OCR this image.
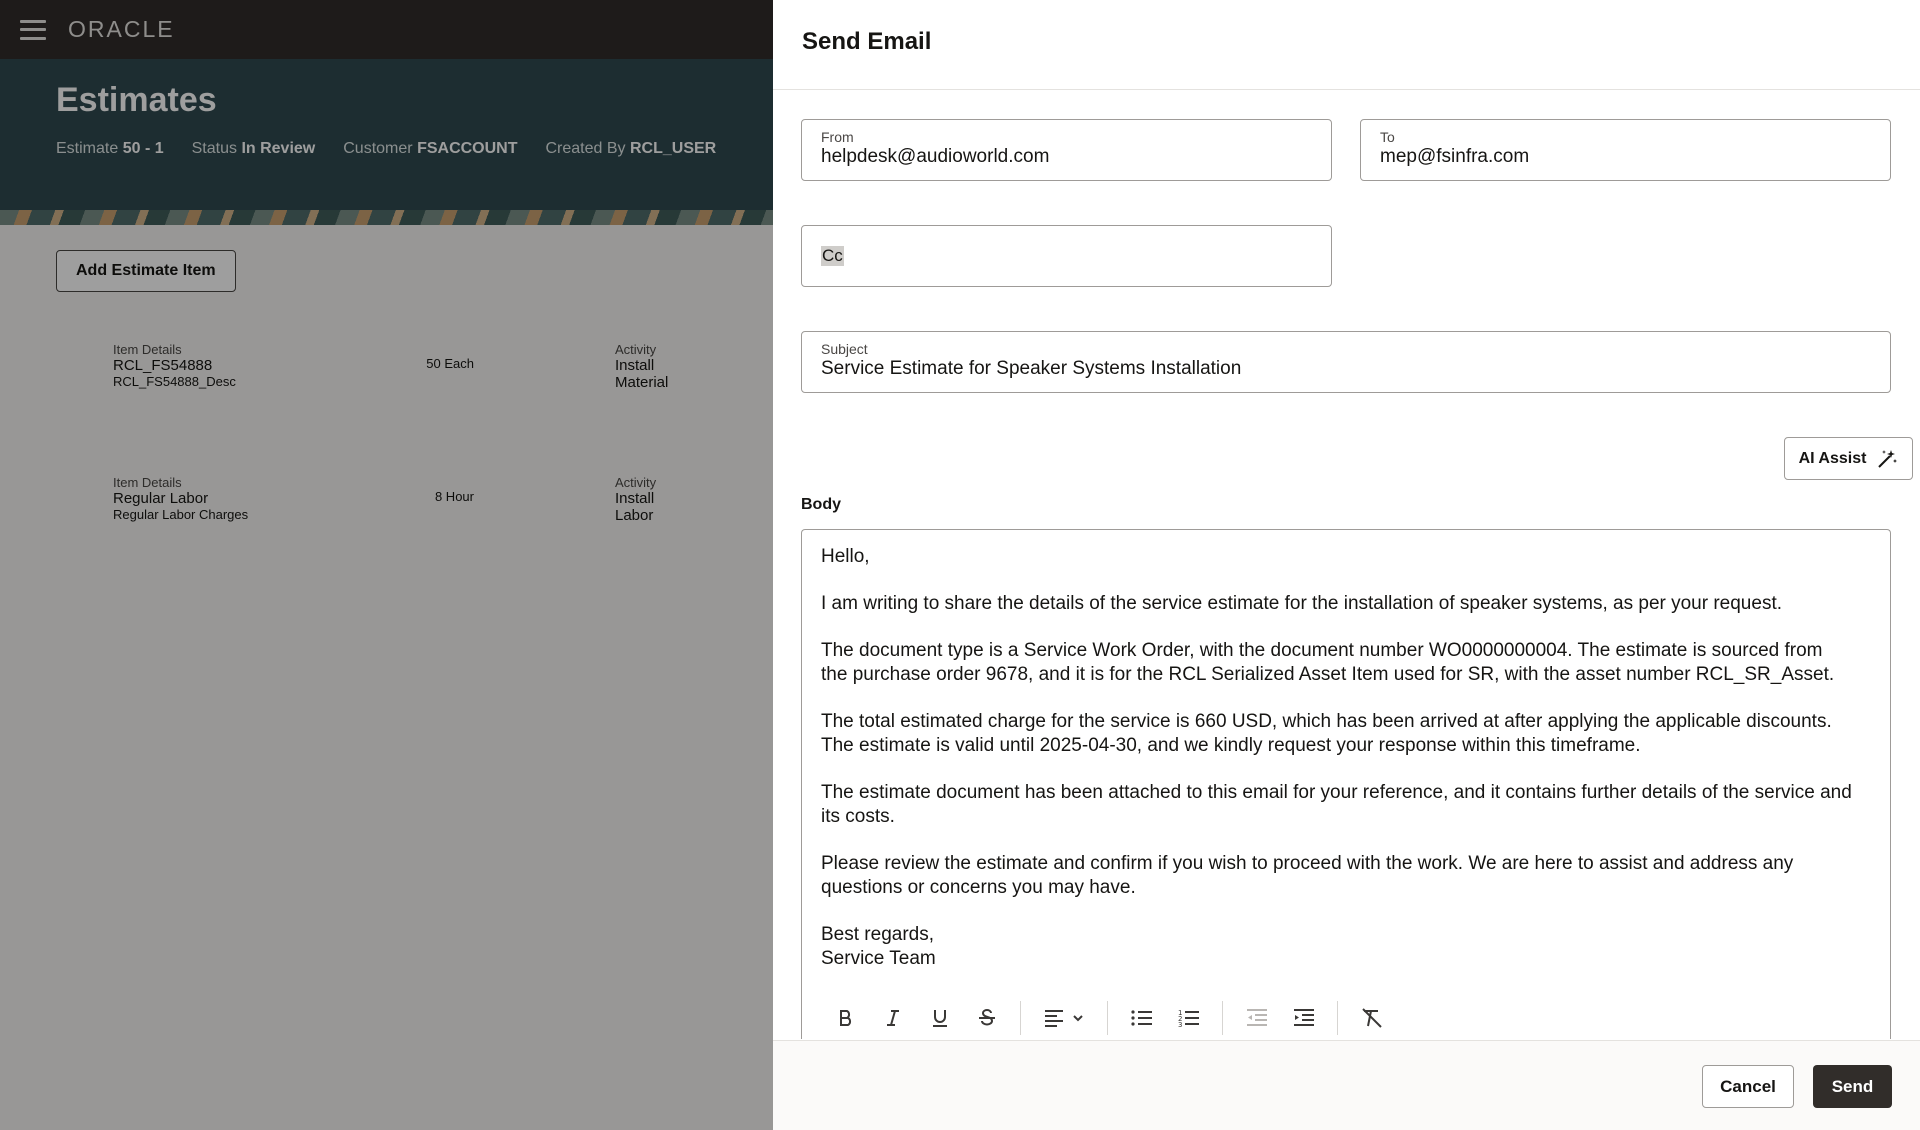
ORACLE
Estimates
Estimate 50 - 1 Status In Review Customer FSACCOUNT Created By RCL_USER
Add Estimate Item
Item Details
RCL_FS54888
RCL_FS54888_Desc
50 Each
Activity
Install
Material
Item Details
Regular Labor
Regular Labor Charges
8 Hour
Activity
Install
Labor
Send Email
From
helpdesk@audioworld.com
To
mep@fsinfra.com
Cc
Subject
Service Estimate for Speaker Systems Installation
AI Assist
Body

Hello,

I am writing to share the details of the service estimate for the installation of speaker systems, as per your request.

The document type is a Service Work Order, with the document number WO0000000004. The estimate is sourced from
the purchase order 9678, and it is for the RCL Serialized Asset Item used for SR, with the asset number RCL_SR_Asset.

The total estimated charge for the service is 660 USD, which has been arrived at after applying the applicable discounts.
The estimate is valid until 2025-04-30, and we kindly request your response within this timeframe.

The estimate document has been attached to this email for your reference, and it contains further details of the service and
its costs.

Please review the estimate and confirm if you wish to proceed with the work. We are here to assist and address any
questions or concerns you may have.

Best regards,
Service Team

1
2
3
Cancel	Send
